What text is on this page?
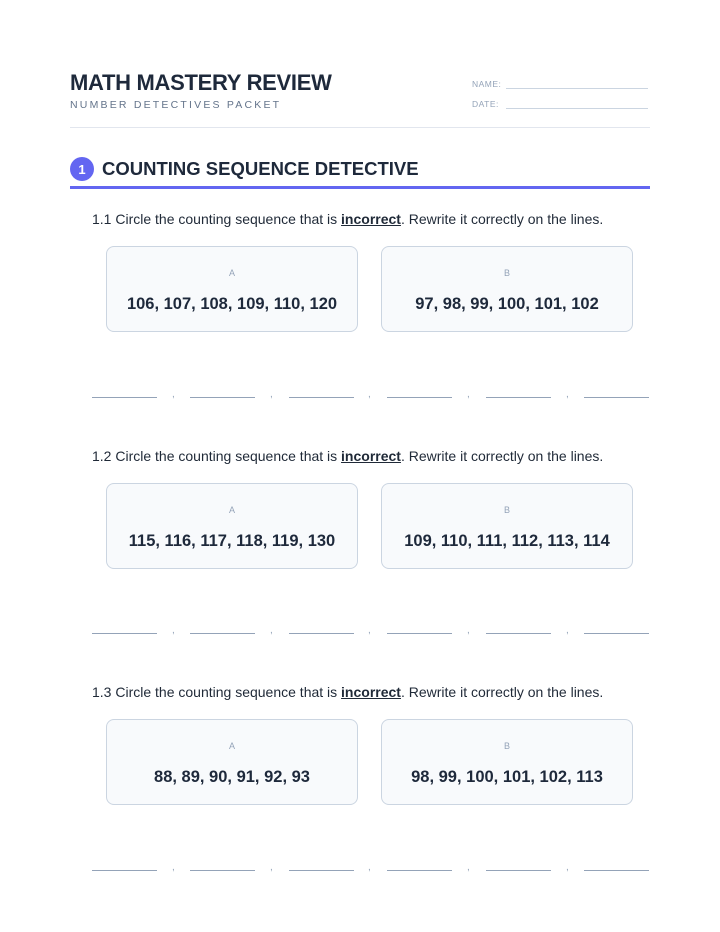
MATH MASTERY REVIEW
NUMBER DETECTIVES PACKET
NAME:
DATE:
1 COUNTING SEQUENCE DETECTIVE
1.1 Circle the counting sequence that is incorrect. Rewrite it correctly on the lines.
A
106, 107, 108, 109, 110, 120
B
97, 98, 99, 100, 101, 102
,	,	,	,	,
1.2 Circle the counting sequence that is incorrect. Rewrite it correctly on the lines.
A
115, 116, 117, 118, 119, 130
B
109, 110, 111, 112, 113, 114
,	,	,	,	,
1.3 Circle the counting sequence that is incorrect. Rewrite it correctly on the lines.
A
88, 89, 90, 91, 92, 93
B
98, 99, 100, 101, 102, 113
,	,	,	,	,
